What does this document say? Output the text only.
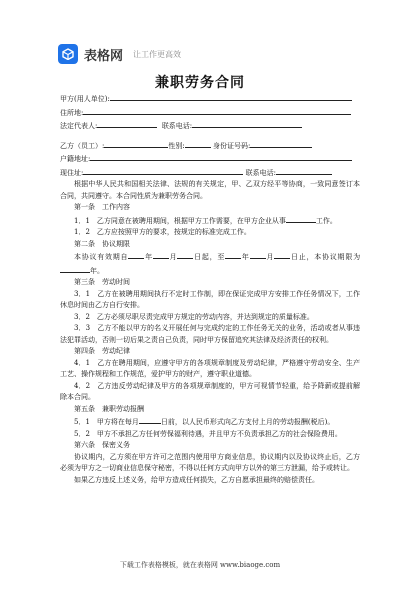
表格网 让工作更高效
兼职劳务合同
甲方(用人单位):
住所地:
法定代表人:	联系电话:
乙方（员工）:	性别:	身份证号码:
户籍地址:
现住址:	联系电话:
根据中华人民共和国相关法律、法规的有关规定，甲、乙双方经平等协商，一致同意签订本合同，共同遵守。本合同性质为兼职劳务合同。
第一条　工作内容
1．1　乙方同意在被聘用期间，根据甲方工作需要，在甲方企业从事	工作。
1．2　乙方应按照甲方的要求，按规定的标准完成工作。
第二条　协议期限
本协议有效期自 年 月 日起，至 年 月 日止，本协议期限为年。
第三条　劳动时间
3．1　乙方在被聘用期间执行不定时工作制，即在保证完成甲方安排工作任务情况下，工作休息时间由乙方自行安排。
3．2　乙方必须尽职尽责完成甲方规定的劳动内容，并达到规定的质量标准。
3．3　乙方不能以甲方的名义开展任何与完成约定的工作任务无关的业务，活动或者从事违法犯罪活动，否则一切后果之责自己负责，同时甲方保留追究其法律及经济责任的权利。
第四条　劳动纪律
4．1　乙方在聘用期间，应遵守甲方的各项规章制度及劳动纪律，严格遵守劳动安全、生产工艺、操作规程和工作规范，爱护甲方的财产，遵守职业道德。
4．2　乙方违反劳动纪律及甲方的各项规章制度的，甲方可视情节轻重，给予降薪或提前解除本合同。
第五条　兼职劳动报酬
5．1　甲方将在每月	日前，以人民币形式向乙方支付上月的劳动报酬(税后)。
5．2　甲方不承担乙方任何劳保福利待遇，并且甲方不负责承担乙方的社会保险费用。
第六条　保密义务
协议期内，乙方须在甲方许可之范围内使用甲方商业信息，协议期内以及协议终止后，乙方必须为甲方之一切商业信息保守秘密，不得以任何方式向甲方以外的第三方泄漏，给予或转让。
如果乙方违反上述义务，给甲方造成任何损失，乙方自愿承担最终的赔偿责任。
下载工作表格模板，就在表格网 www.biaoge.com
